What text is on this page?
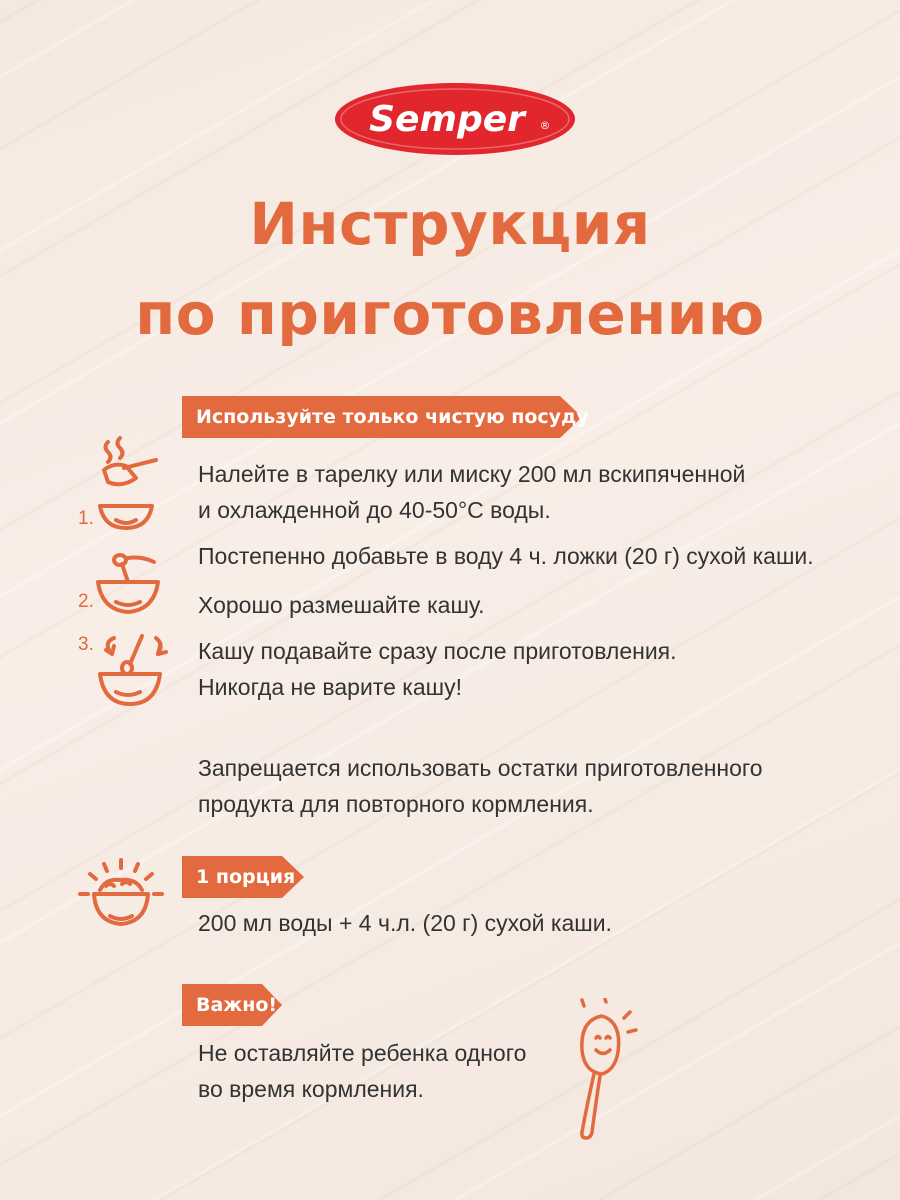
Semper ®
Инструкция
по приготовлению
Используйте только чистую посуду
1.
Налейте в тарелку или миску 200 мл вскипяченной
и охлажденной до 40-50°С воды.
2.
Постепенно добавьте в воду 4 ч. ложки (20 г) сухой каши.
Хорошо размешайте кашу.
3.	Кашу подавайте сразу после приготовления.
Никогда не варите кашу!
Запрещается использовать остатки приготовленного
продукта для повторного кормления.
1 порция
200 мл воды + 4 ч.л. (20 г) сухой каши.
Важно!
Не оставляйте ребенка одного
во время кормления.
